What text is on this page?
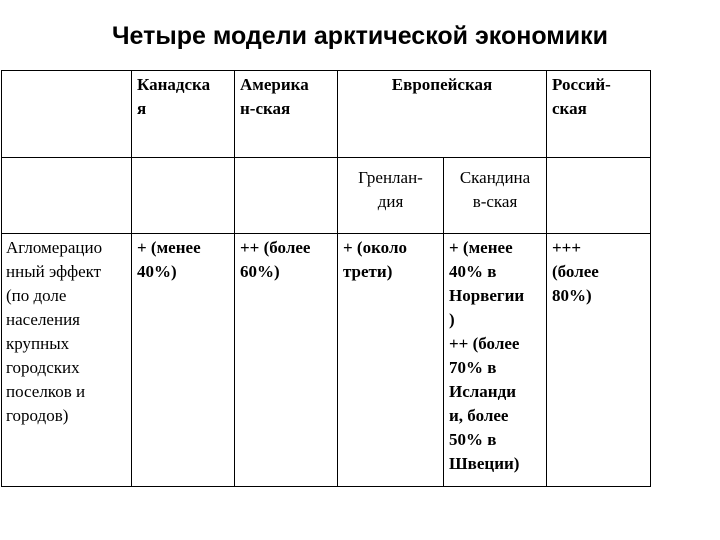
Четыре модели арктической экономики
Канадска
я
Америка
н-ская
Европейская	Россий-
ская
Гренлан-
дия
Скандина
в-ская
Агломерацио
нный эффект
(по доле
населения
крупных
городских
поселков и
городов)
+ (менее
40%)
++ (более
60%)
+ (около
трети)
+ (менее
40% в
Норвегии
)
++ (более
70% в
Исланди
и, более
50% в
Швеции)
+++
(более
80%)
